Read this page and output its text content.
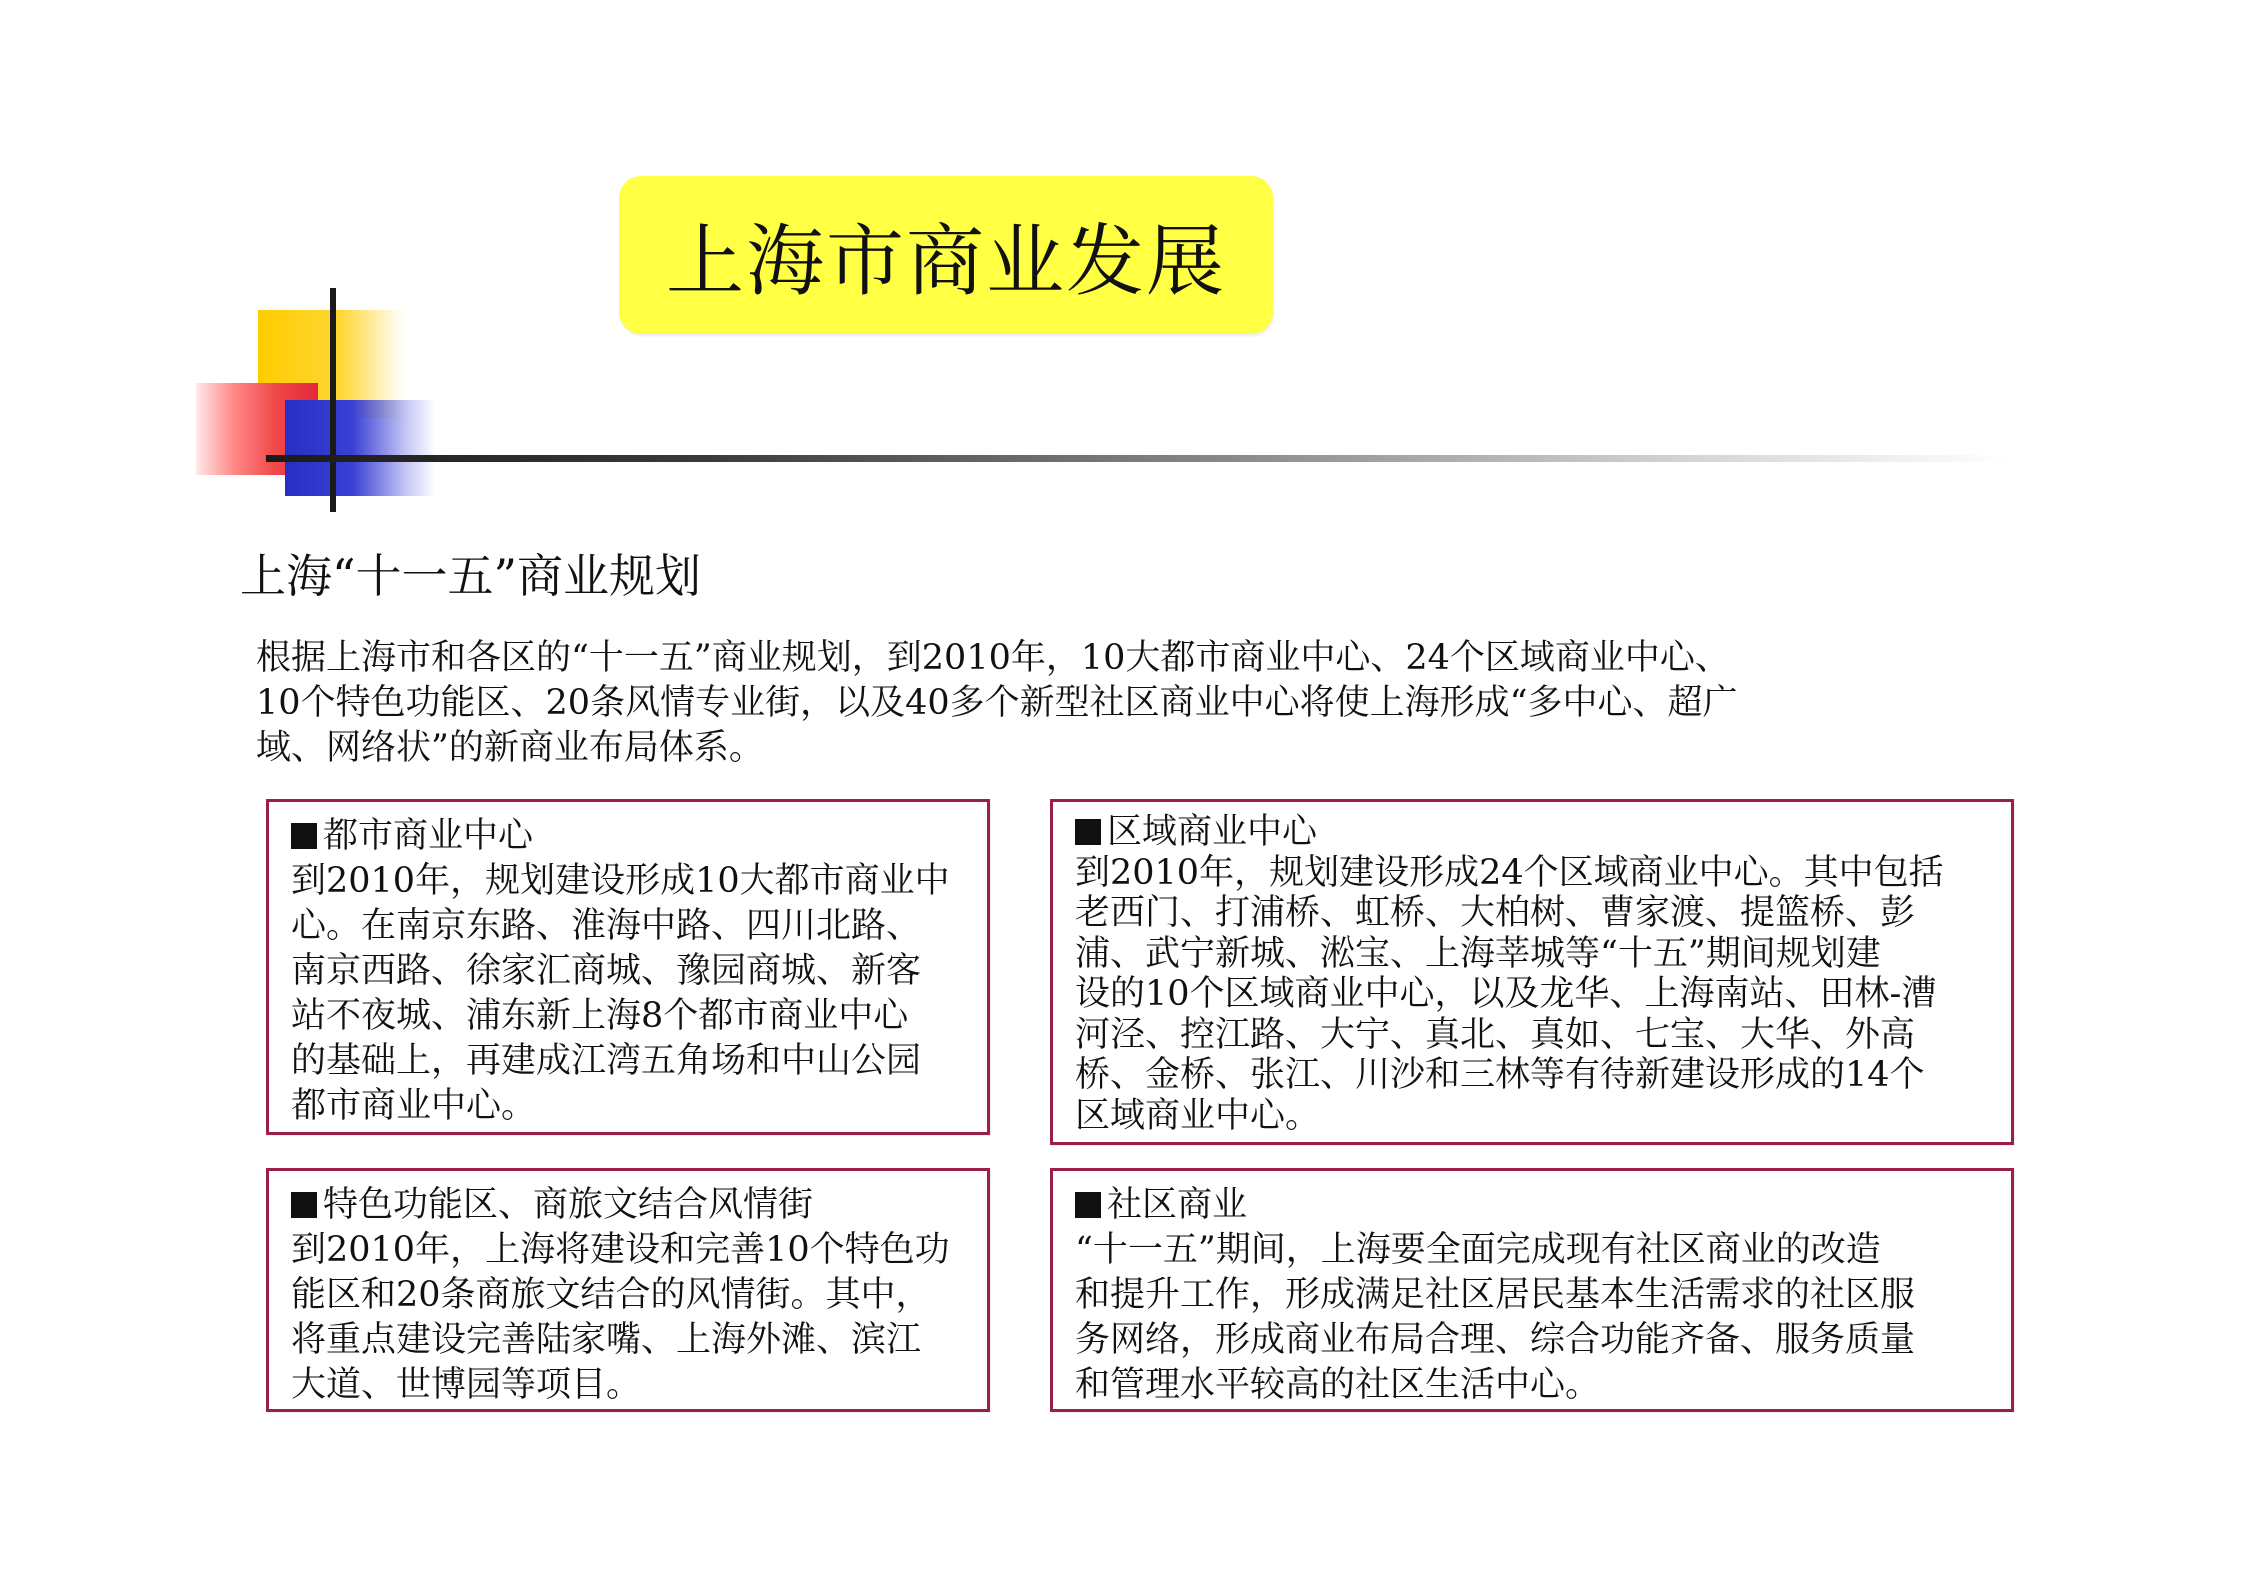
上海市商业发展
上海“十一五”商业规划
根据上海市和各区的“十一五”商业规划，到2010年，10大都市商业中心、24个区域商业中心、
10个特色功能区、20条风情专业街，以及40多个新型社区商业中心将使上海形成“多中心、超广
域、网络状”的新商业布局体系。
都市商业中心
到2010年，规划建设形成10大都市商业中
心。在南京东路、淮海中路、四川北路、
南京西路、徐家汇商城、豫园商城、新客
站不夜城、浦东新上海8个都市商业中心
的基础上，再建成江湾五角场和中山公园
都市商业中心。
区域商业中心
到2010年，规划建设形成24个区域商业中心。其中包括
老西门、打浦桥、虹桥、大柏树、曹家渡、提篮桥、彭
浦、武宁新城、淞宝、上海莘城等“十五”期间规划建
设的10个区域商业中心，以及龙华、上海南站、田林-漕
河泾、控江路、大宁、真北、真如、七宝、大华、外高
桥、金桥、张江、川沙和三林等有待新建设形成的14个
区域商业中心。
特色功能区、商旅文结合风情街
到2010年，上海将建设和完善10个特色功
能区和20条商旅文结合的风情街。其中，
将重点建设完善陆家嘴、上海外滩、滨江
大道、世博园等项目。
社区商业
“十一五”期间，上海要全面完成现有社区商业的改造
和提升工作，形成满足社区居民基本生活需求的社区服
务网络，形成商业布局合理、综合功能齐备、服务质量
和管理水平较高的社区生活中心。
